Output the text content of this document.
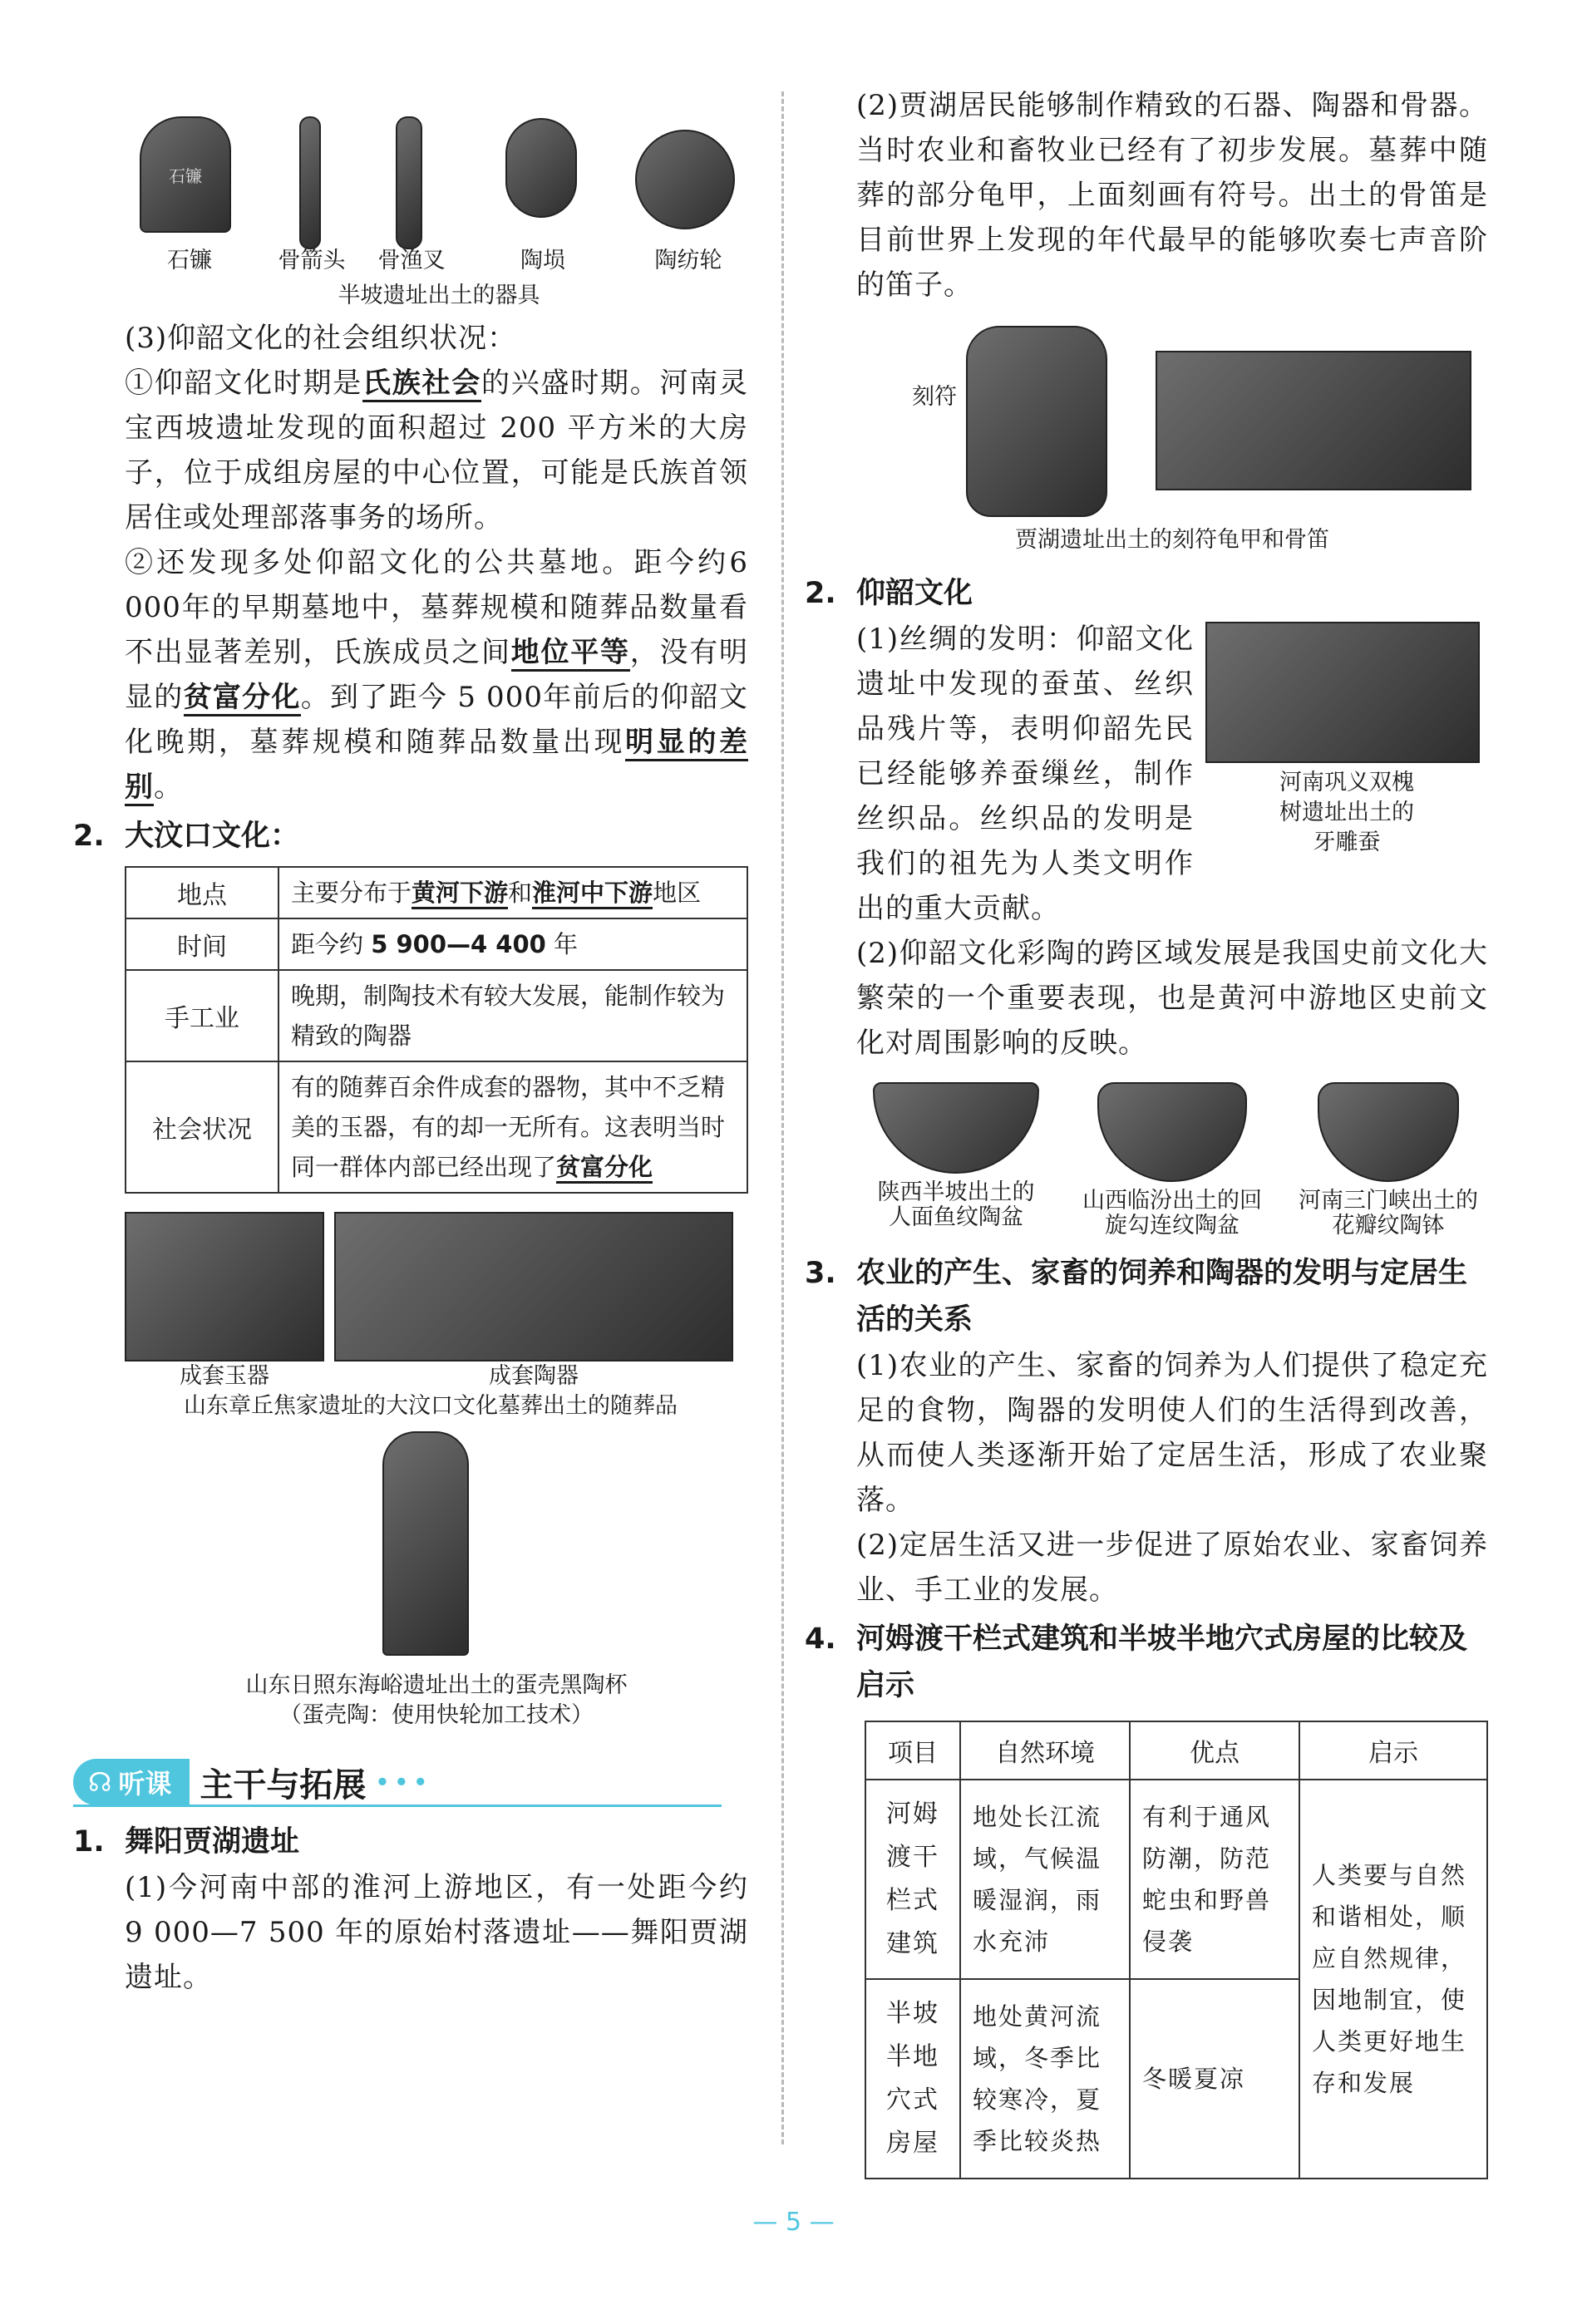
石镰
石镰	骨箭头	骨渔叉	陶埙	陶纺轮
半坡遗址出土的器具

(3)仰韶文化的社会组织状况：

①仰韶文化时期是氏族社会的兴盛时期。河南灵宝西坡遗址发现的面积超过 200 平方米的大房子，位于成组房屋的中心位置，可能是氏族首领居住或处理部落事务的场所。

②还发现多处仰韶文化的公共墓地。距今约6 000年的早期墓地中，墓葬规模和随葬品数量看不出显著差别，氏族成员之间地位平等，没有明显的贫富分化。到了距今 5 000年前后的仰韶文化晚期，墓葬规模和随葬品数量出现明显的差别。

2. 大汶口文化：
地点	主要分布于黄河下游和淮河中下游地区
时间	距今约 5 900—4 400 年
手工业	晚期，制陶技术有较大发展，能制作较为精致的陶器
社会状况	有的随葬百余件成套的器物，其中不乏精美的玉器，有的却一无所有。这表明当时同一群体内部已经出现了贫富分化
成套玉器	成套陶器
山东章丘焦家遗址的大汶口文化墓葬出土的随葬品
山东日照东海峪遗址出土的蛋壳黑陶杯
（蛋壳陶：使用快轮加工技术）
☊ 听课 主干与拓展 •••
1. 舞阳贾湖遗址

(1)今河南中部的淮河上游地区，有一处距今约 9 000—7 500 年的原始村落遗址——舞阳贾湖遗址。

(2)贾湖居民能够制作精致的石器、陶器和骨器。当时农业和畜牧业已经有了初步发展。墓葬中随葬的部分龟甲，上面刻画有符号。出土的骨笛是目前世界上发现的年代最早的能够吹奏七声音阶的笛子。

刻符
贾湖遗址出土的刻符龟甲和骨笛
2. 仰韶文化
河南巩义双槐树遗址出土的牙雕蚕

(1)丝绸的发明：仰韶文化遗址中发现的蚕茧、丝织品残片等，表明仰韶先民已经能够养蚕缫丝，制作丝织品。丝织品的发明是我们的祖先为人类文明作出的重大贡献。

(2)仰韶文化彩陶的跨区域发展是我国史前文化大繁荣的一个重要表现，也是黄河中游地区史前文化对周围影响的反映。

陕西半坡出土的人面鱼纹陶盆
山西临汾出土的回旋勾连纹陶盆
河南三门峡出土的花瓣纹陶钵
3. 农业的产生、家畜的饲养和陶器的发明与定居生活的关系

(1)农业的产生、家畜的饲养为人们提供了稳定充足的食物，陶器的发明使人们的生活得到改善，从而使人类逐渐开始了定居生活，形成了农业聚落。

(2)定居生活又进一步促进了原始农业、家畜饲养业、手工业的发展。

4. 河姆渡干栏式建筑和半坡半地穴式房屋的比较及启示
项目	自然环境	优点	启示
河姆渡干栏式建筑	地处长江流域，气候温暖湿润，雨水充沛	有利于通风防潮，防范蛇虫和野兽侵袭	人类要与自然和谐相处，顺应自然规律，因地制宜，使人类更好地生存和发展
半坡半地穴式房屋	地处黄河流域，冬季比较寒冷，夏季比较炎热	冬暖夏凉	
— 5 —
